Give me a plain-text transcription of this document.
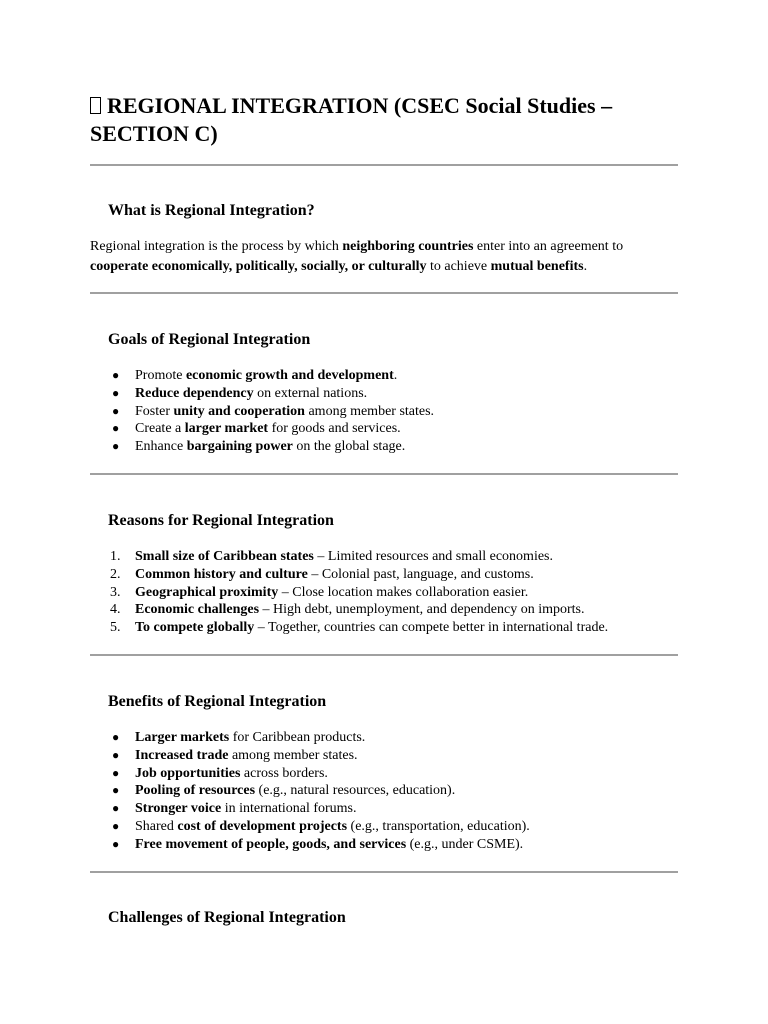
REGIONAL INTEGRATION (CSEC Social Studies – SECTION C)
What is Regional Integration?

Regional integration is the process by which neighboring countries enter into an agreement to cooperate economically, politically, socially, or culturally to achieve mutual benefits.

Goals of Regional Integration
●	Promote economic growth and development.
●	Reduce dependency on external nations.
●	Foster unity and cooperation among member states.
●	Create a larger market for goods and services.
●	Enhance bargaining power on the global stage.
Reasons for Regional Integration
1.	Small size of Caribbean states – Limited resources and small economies.
2.	Common history and culture – Colonial past, language, and customs.
3.	Geographical proximity – Close location makes collaboration easier.
4.	Economic challenges – High debt, unemployment, and dependency on imports.
5.	To compete globally – Together, countries can compete better in international trade.
Benefits of Regional Integration
●	Larger markets for Caribbean products.
●	Increased trade among member states.
●	Job opportunities across borders.
●	Pooling of resources (e.g., natural resources, education).
●	Stronger voice in international forums.
●	Shared cost of development projects (e.g., transportation, education).
●	Free movement of people, goods, and services (e.g., under CSME).
Challenges of Regional Integration
